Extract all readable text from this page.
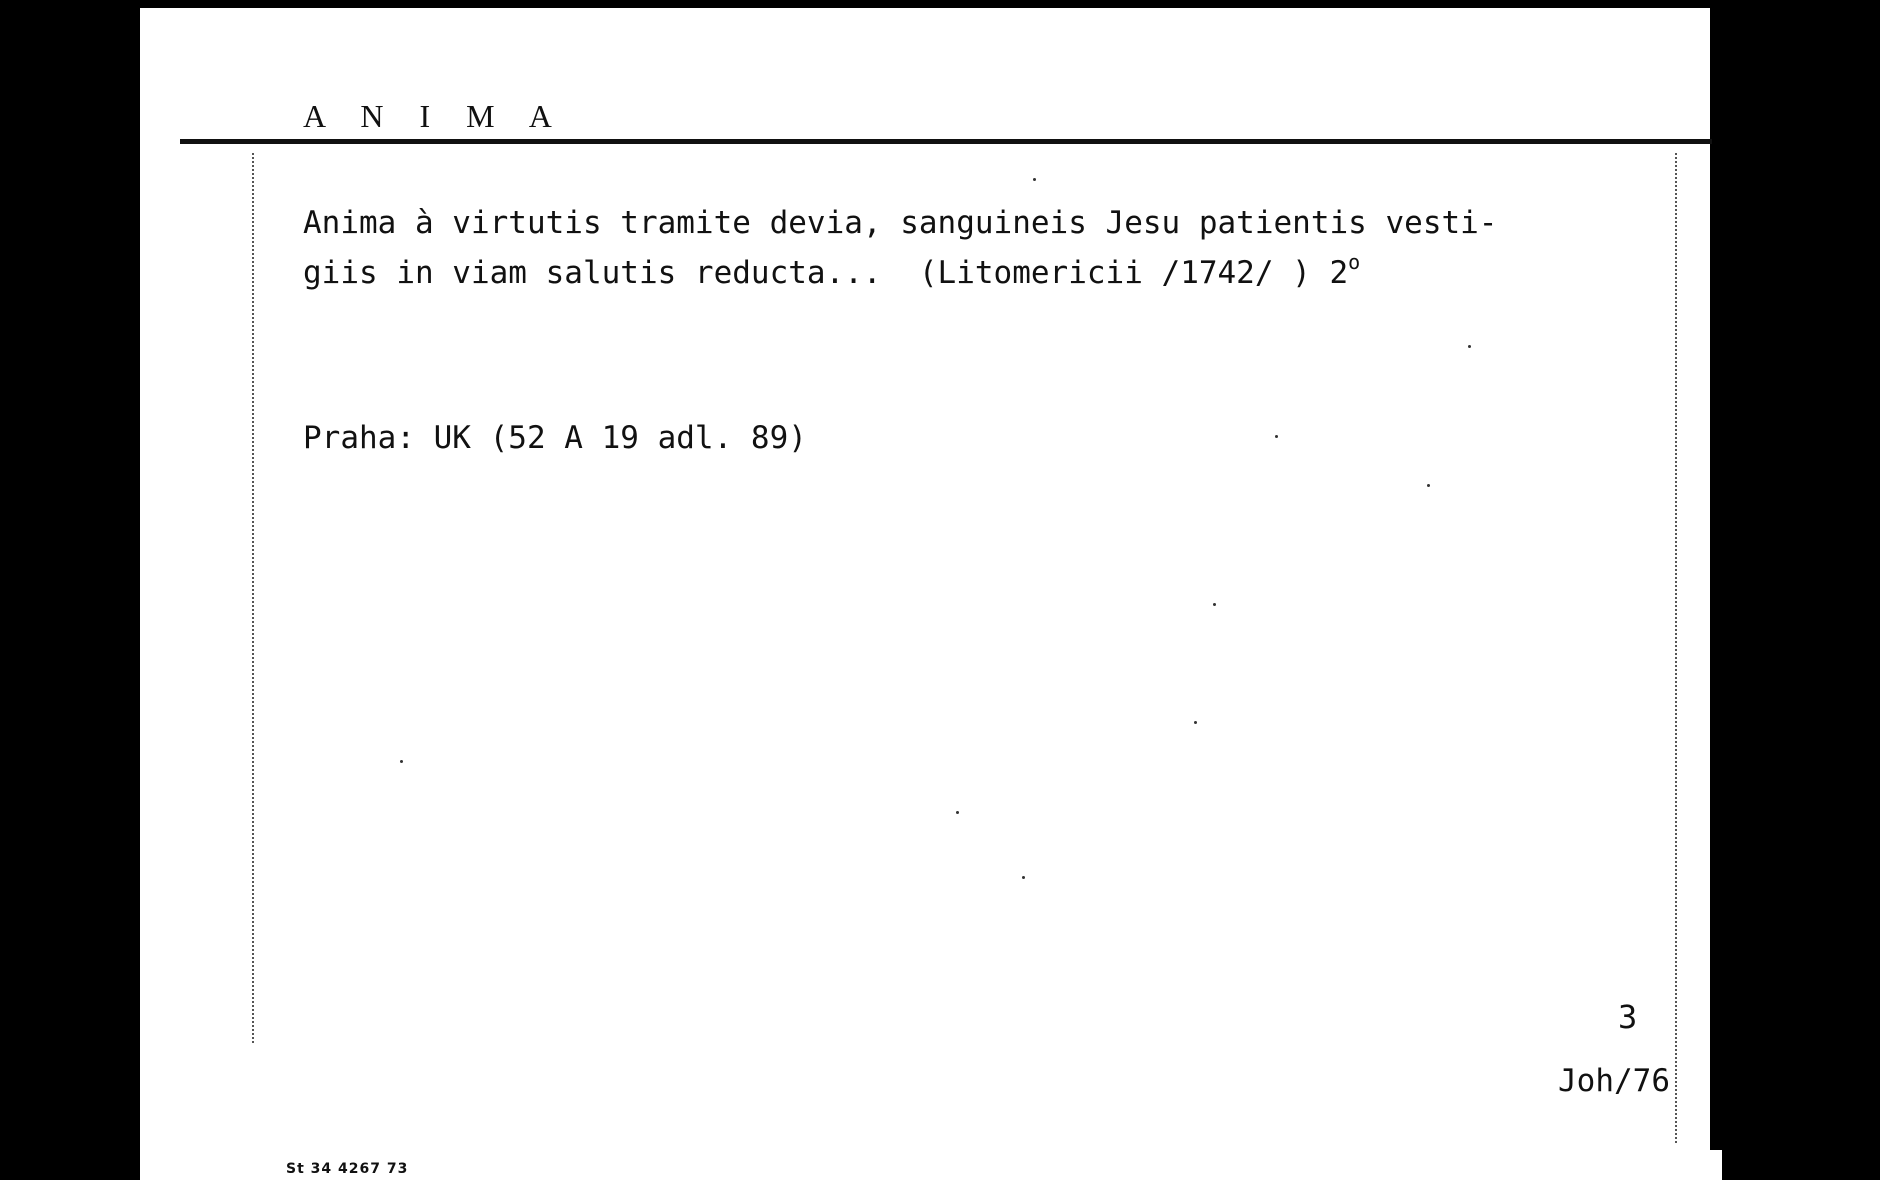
A N I M A
Anima à virtutis tramite devia, sanguineis Jesu patientis vesti-
giis in viam salutis reducta...  (Litomericii /1742/ ) 2$^o$
Praha: UK (52 A 19 adl. 89)
3
Joh/76
St 34 4267 73
